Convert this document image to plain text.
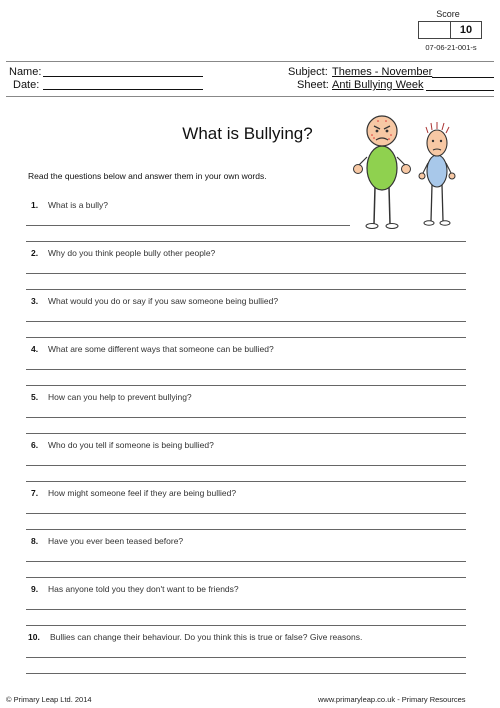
Score
10
07-06-21-001-s
Name:
Date:
Subject: Themes - November
Sheet: Anti Bullying Week
What is Bullying?
Read the questions below and answer them in your own words.
1. What is a bully?
2. Why do you think people bully other people?
3. What would you do or say if you saw someone being bullied?
4. What are some different ways that someone can be bullied?
5. How can you help to prevent bullying?
6. Who do you tell if someone is being bullied?
7. How might someone feel if they are being bullied?
8. Have you ever been teased before?
9. Has anyone told you they don't want to be friends?
10. Bullies can change their behaviour. Do you think this is true or false? Give reasons.
© Primary Leap Ltd. 2014	www.primaryleap.co.uk - Primary Resources
